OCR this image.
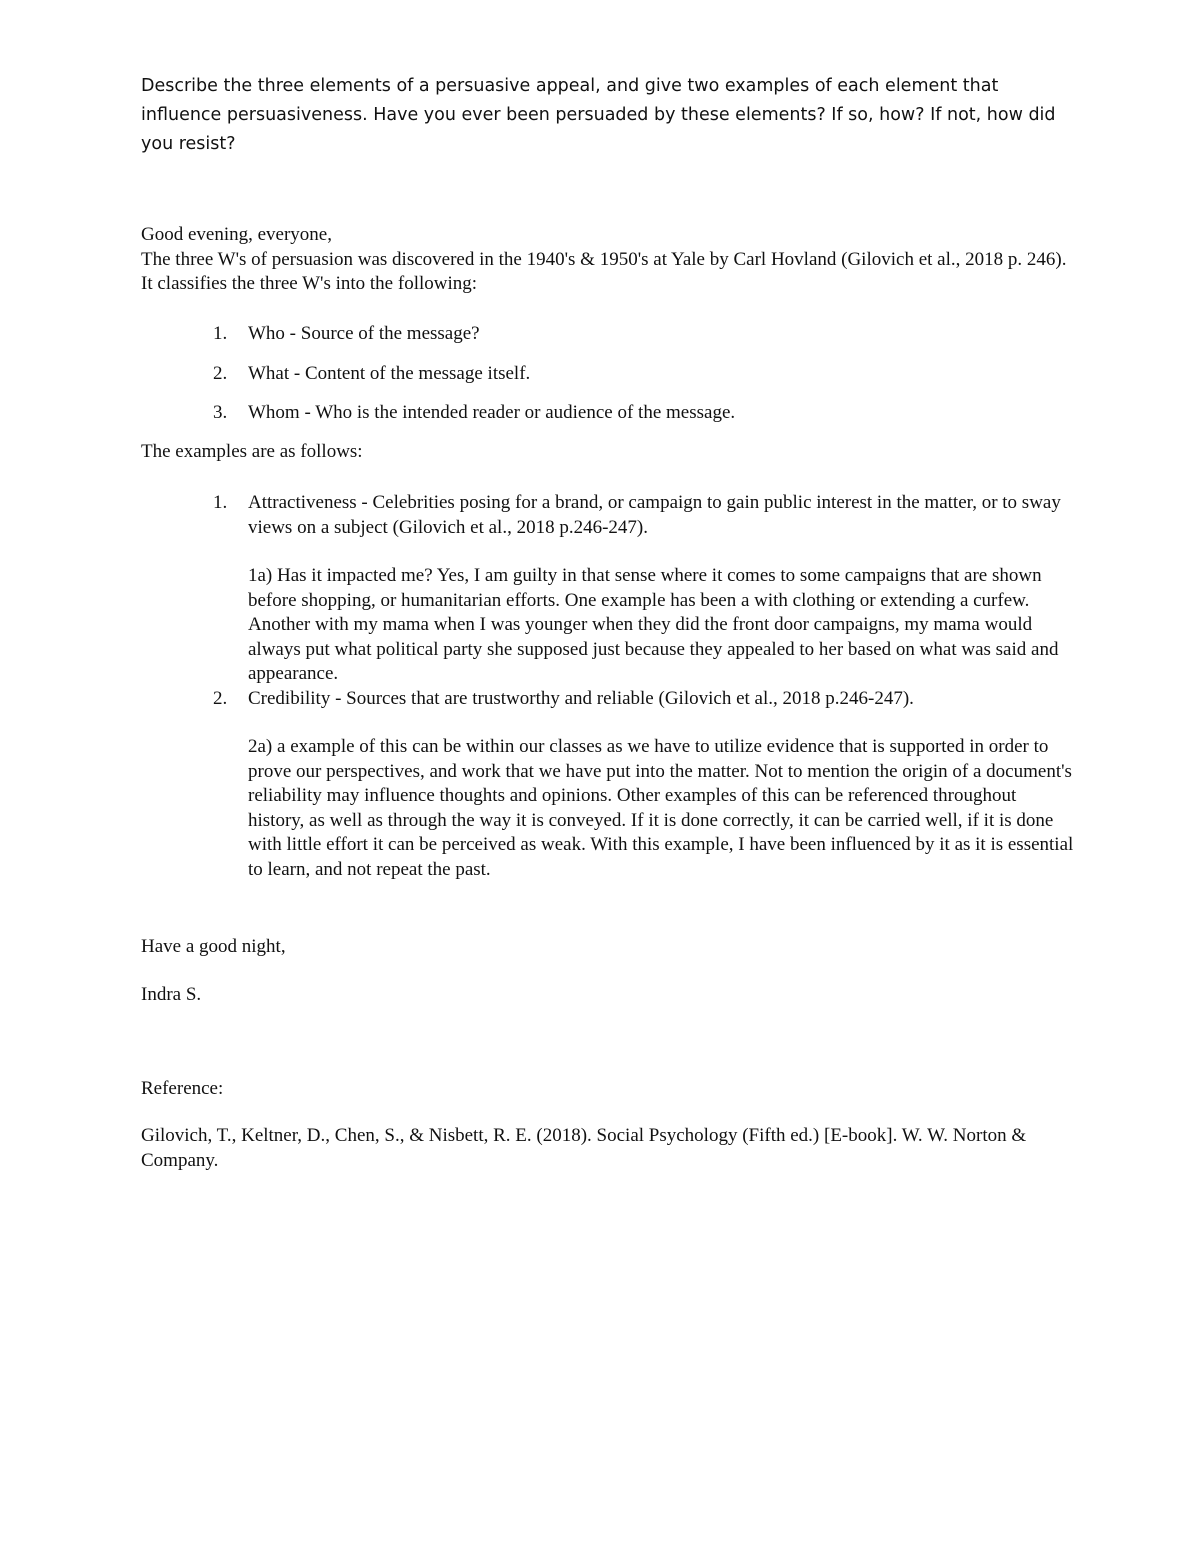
Describe the three elements of a persuasive appeal, and give two examples of each element that influence persuasiveness. Have you ever been persuaded by these elements? If so, how? If not, how did you resist?

Good evening, everyone,
The three W's of persuasion was discovered in the 1940's & 1950's at Yale by Carl Hovland (Gilovich et al., 2018 p. 246). It classifies the three W's into the following:
1. Who - Source of the message?
2. What - Content of the message itself.
3. Whom - Who is the intended reader or audience of the message.
The examples are as follows:
1. Attractiveness - Celebrities posing for a brand, or campaign to gain public interest in the matter, or to sway views on a subject (Gilovich et al., 2018 p.246-247).
1a) Has it impacted me? Yes, I am guilty in that sense where it comes to some campaigns that are shown before shopping, or humanitarian efforts. One example has been a with clothing or extending a curfew. Another with my mama when I was younger when they did the front door campaigns, my mama would always put what political party she supposed just because they appealed to her based on what was said and appearance.
2. Credibility - Sources that are trustworthy and reliable (Gilovich et al., 2018 p.246-247).
2a) a example of this can be within our classes as we have to utilize evidence that is supported in order to prove our perspectives, and work that we have put into the matter. Not to mention the origin of a document's reliability may influence thoughts and opinions. Other examples of this can be referenced throughout history, as well as through the way it is conveyed. If it is done correctly, it can be carried well, if it is done with little effort it can be perceived as weak. With this example, I have been influenced by it as it is essential to learn, and not repeat the past.
Have a good night,
Indra S.
Reference:
Gilovich, T., Keltner, D., Chen, S., & Nisbett, R. E. (2018). Social Psychology (Fifth ed.) [E-book]. W. W. Norton & Company.
